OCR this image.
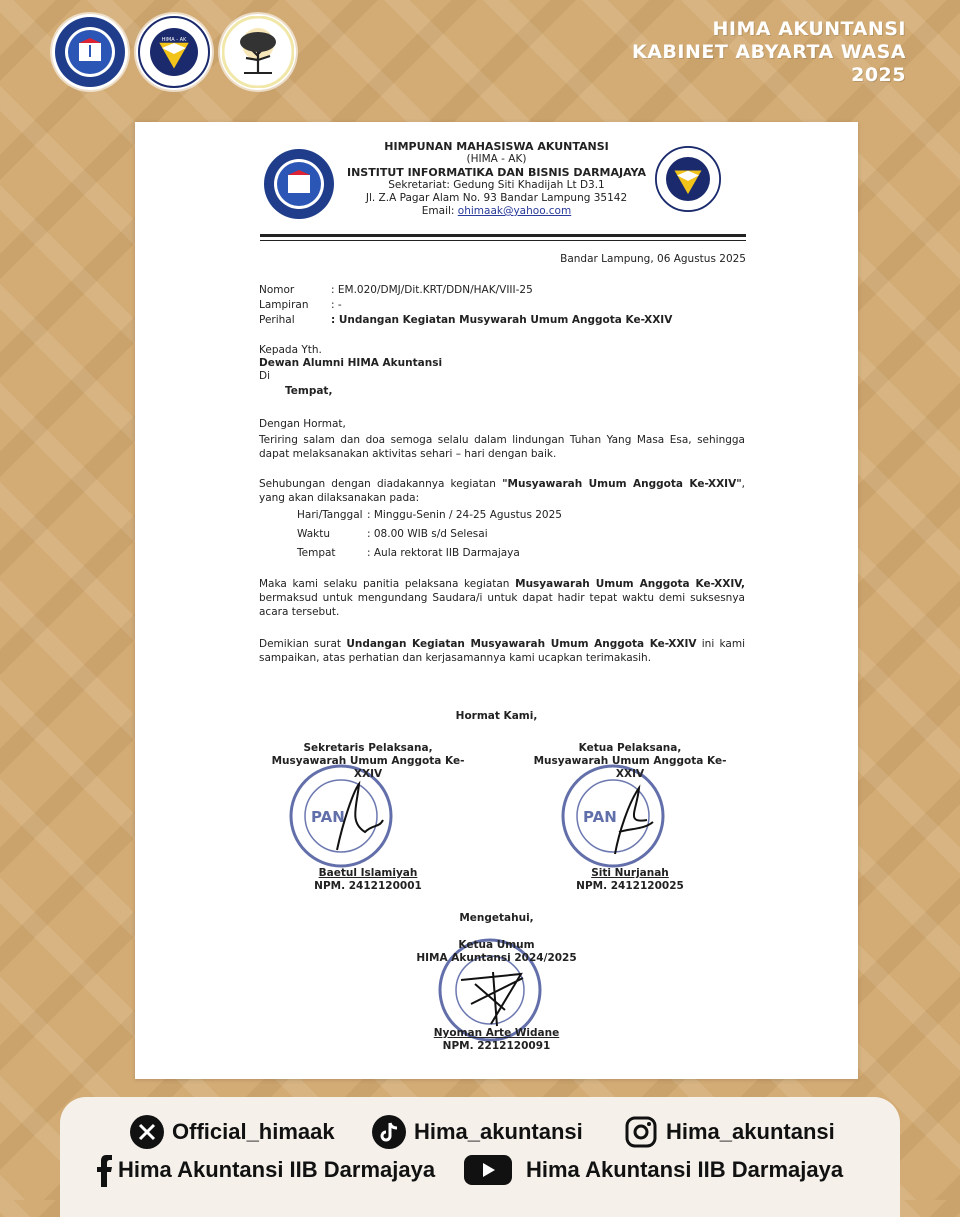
HIMA - AK	HIMA AKUNTANSI
KABINET ABYARTA WASA
2025
HIMPUNAN MAHASISWA AKUNTANSI
(HIMA - AK)
INSTITUT INFORMATIKA DAN BISNIS DARMAJAYA
Sekretariat: Gedung Siti Khadijah Lt D3.1
Jl. Z.A Pagar Alam No. 93 Bandar Lampung 35142
Email: ohimaak@yahoo.com
Bandar Lampung, 06 Agustus 2025
Nomor	: EM.020/DMJ/Dit.KRT/DDN/HAK/VIII-25
Lampiran	: -
Perihal	: Undangan Kegiatan Musywarah Umum Anggota Ke-XXIV
Kepada Yth.
Dewan Alumni HIMA Akuntansi
Di
Tempat,
Dengan Hormat,
Teriring salam dan doa semoga selalu dalam lindungan Tuhan Yang Masa Esa, sehingga dapat melaksanakan aktivitas sehari – hari dengan baik.
Sehubungan dengan diadakannya kegiatan "Musyawarah Umum Anggota Ke-XXIV", yang akan dilaksanakan pada:
Hari/Tanggal : Minggu-Senin / 24-25 Agustus 2025
Waktu	: 08.00 WIB s/d Selesai
Tempat	: Aula rektorat IIB Darmajaya
Maka kami selaku panitia pelaksana kegiatan Musyawarah Umum Anggota Ke-XXIV, bermaksud untuk mengundang Saudara/i untuk dapat hadir tepat waktu demi suksesnya acara tersebut.
Demikian surat Undangan Kegiatan Musyawarah Umum Anggota Ke-XXIV ini kami sampaikan, atas perhatian dan kerjasamannya kami ucapkan terimakasih.
Hormat Kami,
PAN	PAN
Sekretaris Pelaksana,
Musyawarah Umum Anggota Ke-XXIV
Baetul Islamiyah
NPM. 2412120001
Ketua Pelaksana,
Musyawarah Umum Anggota Ke-XXIV
Siti Nurjanah
NPM. 2412120025
Mengetahui,
Ketua Umum
HIMA Akuntansi 2024/2025
Nyoman Arte Widane
NPM. 2212120091
Official_himaak	Hima_akuntansi	Hima_akuntansi
Hima Akuntansi IIB Darmajaya	Hima Akuntansi IIB Darmajaya
